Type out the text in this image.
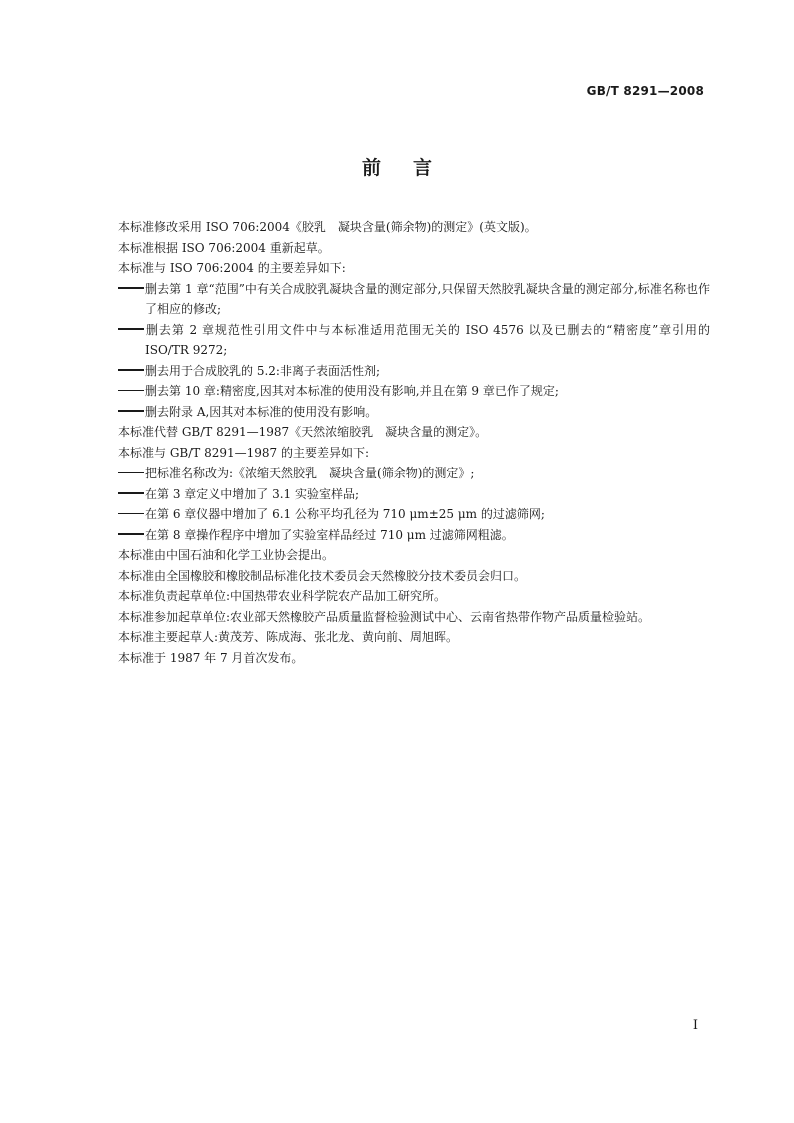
GB/T 8291—2008
前言

本标准修改采用 ISO 706:2004《胶乳　凝块含量(筛余物)的测定》(英文版)。

本标准根据 ISO 706:2004 重新起草。

本标准与 ISO 706:2004 的主要差异如下:

删去第 1 章“范围”中有关合成胶乳凝块含量的测定部分,只保留天然胶乳凝块含量的测定部分,标准名称也作了相应的修改;

删去第 2 章规范性引用文件中与本标准适用范围无关的 ISO 4576 以及已删去的“精密度”章引用的 ISO/TR 9272;

删去用于合成胶乳的 5.2:非离子表面活性剂;

删去第 10 章:精密度,因其对本标准的使用没有影响,并且在第 9 章已作了规定;

删去附录 A,因其对本标准的使用没有影响。

本标准代替 GB/T 8291—1987《天然浓缩胶乳　凝块含量的测定》。

本标准与 GB/T 8291—1987 的主要差异如下:

把标准名称改为:《浓缩天然胶乳　凝块含量(筛余物)的测定》;

在第 3 章定义中增加了 3.1 实验室样品;

在第 6 章仪器中增加了 6.1 公称平均孔径为 710 μm±25 μm 的过滤筛网;

在第 8 章操作程序中增加了实验室样品经过 710 μm 过滤筛网粗滤。

本标准由中国石油和化学工业协会提出。

本标准由全国橡胶和橡胶制品标准化技术委员会天然橡胶分技术委员会归口。

本标准负责起草单位:中国热带农业科学院农产品加工研究所。

本标准参加起草单位:农业部天然橡胶产品质量监督检验测试中心、云南省热带作物产品质量检验站。

本标准主要起草人:黄茂芳、陈成海、张北龙、黄向前、周旭晖。

本标准于 1987 年 7 月首次发布。

I
